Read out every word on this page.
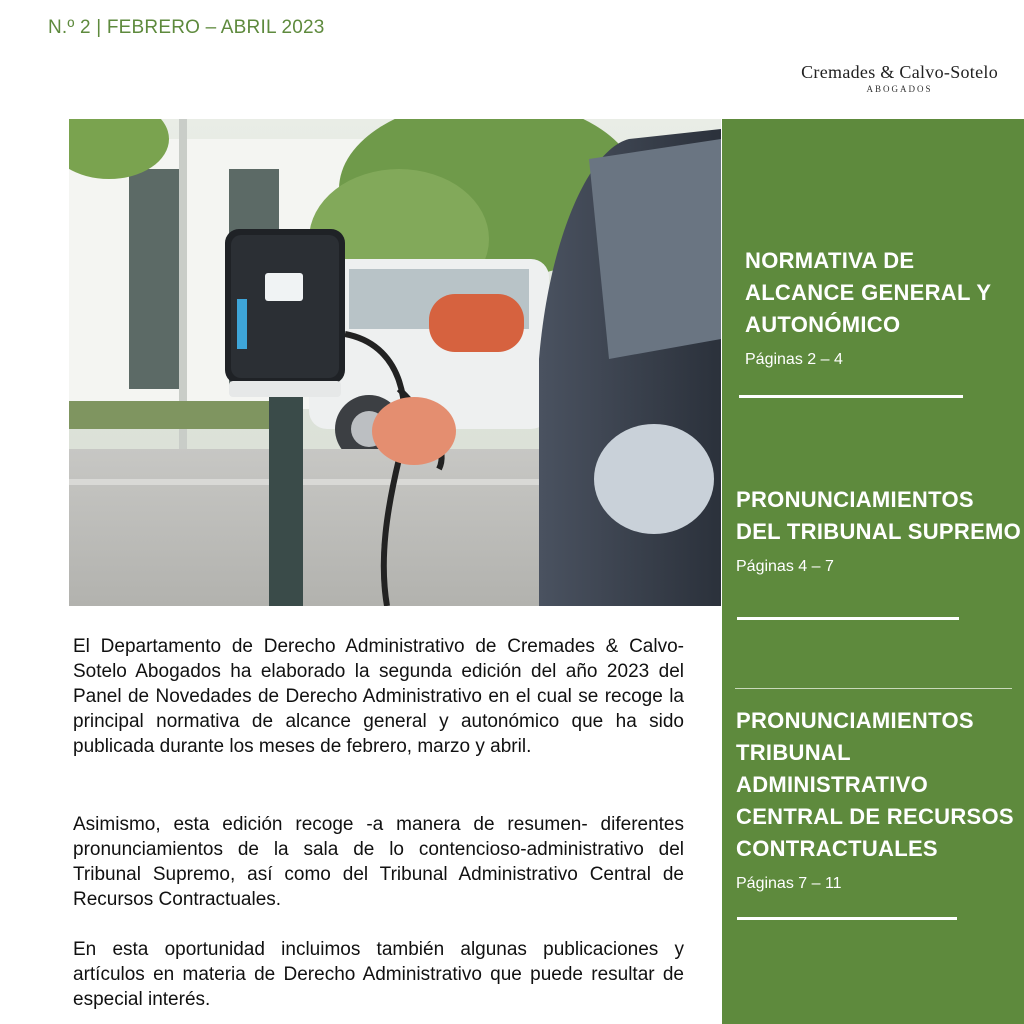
N.º 2 | FEBRERO – ABRIL 2023
Cremades & Calvo-Sotelo
ABOGADOS
NORMATIVA DE ALCANCE GENERAL Y AUTONÓMICO
Páginas 2 – 4
PRONUNCIAMIENTOS DEL TRIBUNAL SUPREMO
Páginas 4 – 7
PRONUNCIAMIENTOS TRIBUNAL ADMINISTRATIVO CENTRAL DE RECURSOS CONTRACTUALES
Páginas 7 – 11

El Departamento de Derecho Administrativo de Cremades & Calvo-Sotelo Abogados ha elaborado la segunda edición del año 2023 del Panel de Novedades de Derecho Administrativo en el cual se recoge la principal normativa de alcance general y autonómico que ha sido publicada durante los meses de febrero, marzo y abril.

Asimismo, esta edición recoge -a manera de resumen- diferentes pronunciamientos de la sala de lo contencioso-administrativo del Tribunal Supremo, así como del Tribunal Administrativo Central de Recursos Contractuales.

En esta oportunidad incluimos también algunas publicaciones y artículos en materia de Derecho Administrativo que puede resultar de especial interés.
